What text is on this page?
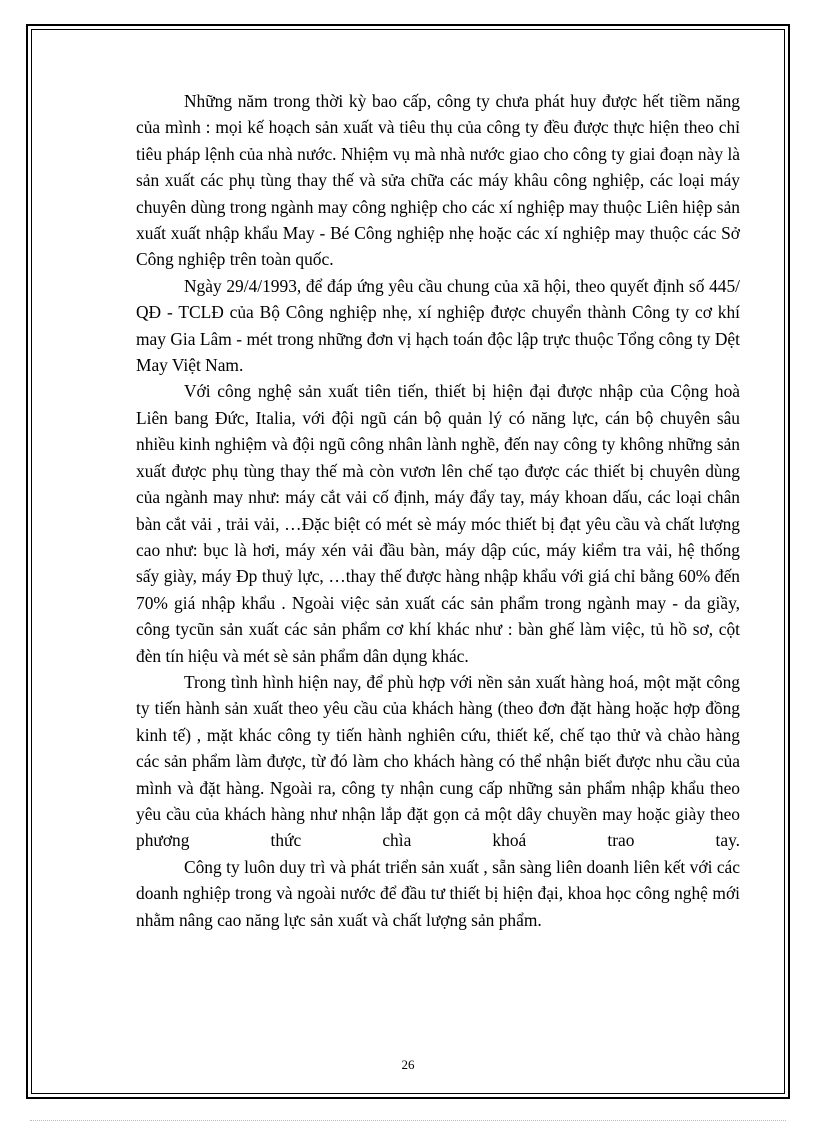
Những năm trong thời kỳ bao cấp, công ty chưa phát huy được hết tiềm năng của mình : mọi kế hoạch sản xuất và tiêu thụ của công ty đều được thực hiện theo chỉ tiêu pháp lệnh của nhà nước. Nhiệm vụ mà nhà nước giao cho công ty giai đoạn này là sản xuất các phụ tùng thay thế và sửa chữa các máy khâu công nghiệp, các loại máy chuyên dùng trong ngành may công nghiệp cho các xí nghiệp may thuộc Liên hiệp sản xuất xuất nhập khẩu May - Bé Công nghiệp nhẹ hoặc các xí nghiệp may thuộc các Sở Công nghiệp trên toàn quốc.

Ngày 29/4/1993, để đáp ứng yêu cầu chung của xã hội, theo quyết định số 445/ QĐ - TCLĐ của Bộ Công nghiệp nhẹ, xí nghiệp được chuyển thành Công ty cơ khí may Gia Lâm - mét trong những đơn vị hạch toán độc lập trực thuộc Tổng công ty Dệt May Việt Nam.

Với công nghệ sản xuất tiên tiến, thiết bị hiện đại được nhập của Cộng hoà Liên bang Đức, Italia, với đội ngũ cán bộ quản lý có năng lực, cán bộ chuyên sâu nhiều kinh nghiệm và đội ngũ công nhân lành nghề, đến nay công ty không những sản xuất được phụ tùng thay thế mà còn vươn lên chế tạo được các thiết bị chuyên dùng của ngành may như: máy cắt vải cố định, máy đẩy tay, máy khoan dấu, các loại chân bàn cắt vải , trải vải, …Đặc biệt có mét sè máy móc thiết bị đạt yêu cầu và chất lượng cao như: bục là hơi, máy xén vải đầu bàn, máy dập cúc, máy kiểm tra vải, hệ thống sấy giày, máy Ðp thuỷ lực, …thay thế được hàng nhập khẩu với giá chỉ bằng 60% đến 70% giá nhập khẩu . Ngoài việc sản xuất các sản phẩm trong ngành may - da giầy, công tycũn sản xuất các sản phẩm cơ khí khác như : bàn ghế làm việc, tủ hồ sơ, cột đèn tín hiệu và mét sè sản phẩm dân dụng khác.

Trong tình hình hiện nay, để phù hợp với nền sản xuất hàng hoá, một mặt công ty tiến hành sản xuất theo yêu cầu của khách hàng (theo đơn đặt hàng hoặc hợp đồng kinh tế) , mặt khác công ty tiến hành nghiên cứu, thiết kế, chế tạo thử và chào hàng các sản phẩm làm được, từ đó làm cho khách hàng có thể nhận biết được nhu cầu của mình và đặt hàng. Ngoài ra, công ty nhận cung cấp những sản phẩm nhập khẩu theo yêu cầu của khách hàng như nhận lắp đặt gọn cả một dây chuyền may hoặc giày theo phương thức chìa khoá trao tay.

Công ty luôn duy trì và phát triển sản xuất , sẵn sàng liên doanh liên kết với các doanh nghiệp trong và ngoài nước để đầu tư thiết bị hiện đại, khoa học công nghệ mới nhằm nâng cao năng lực sản xuất và chất lượng sản phẩm.

26
